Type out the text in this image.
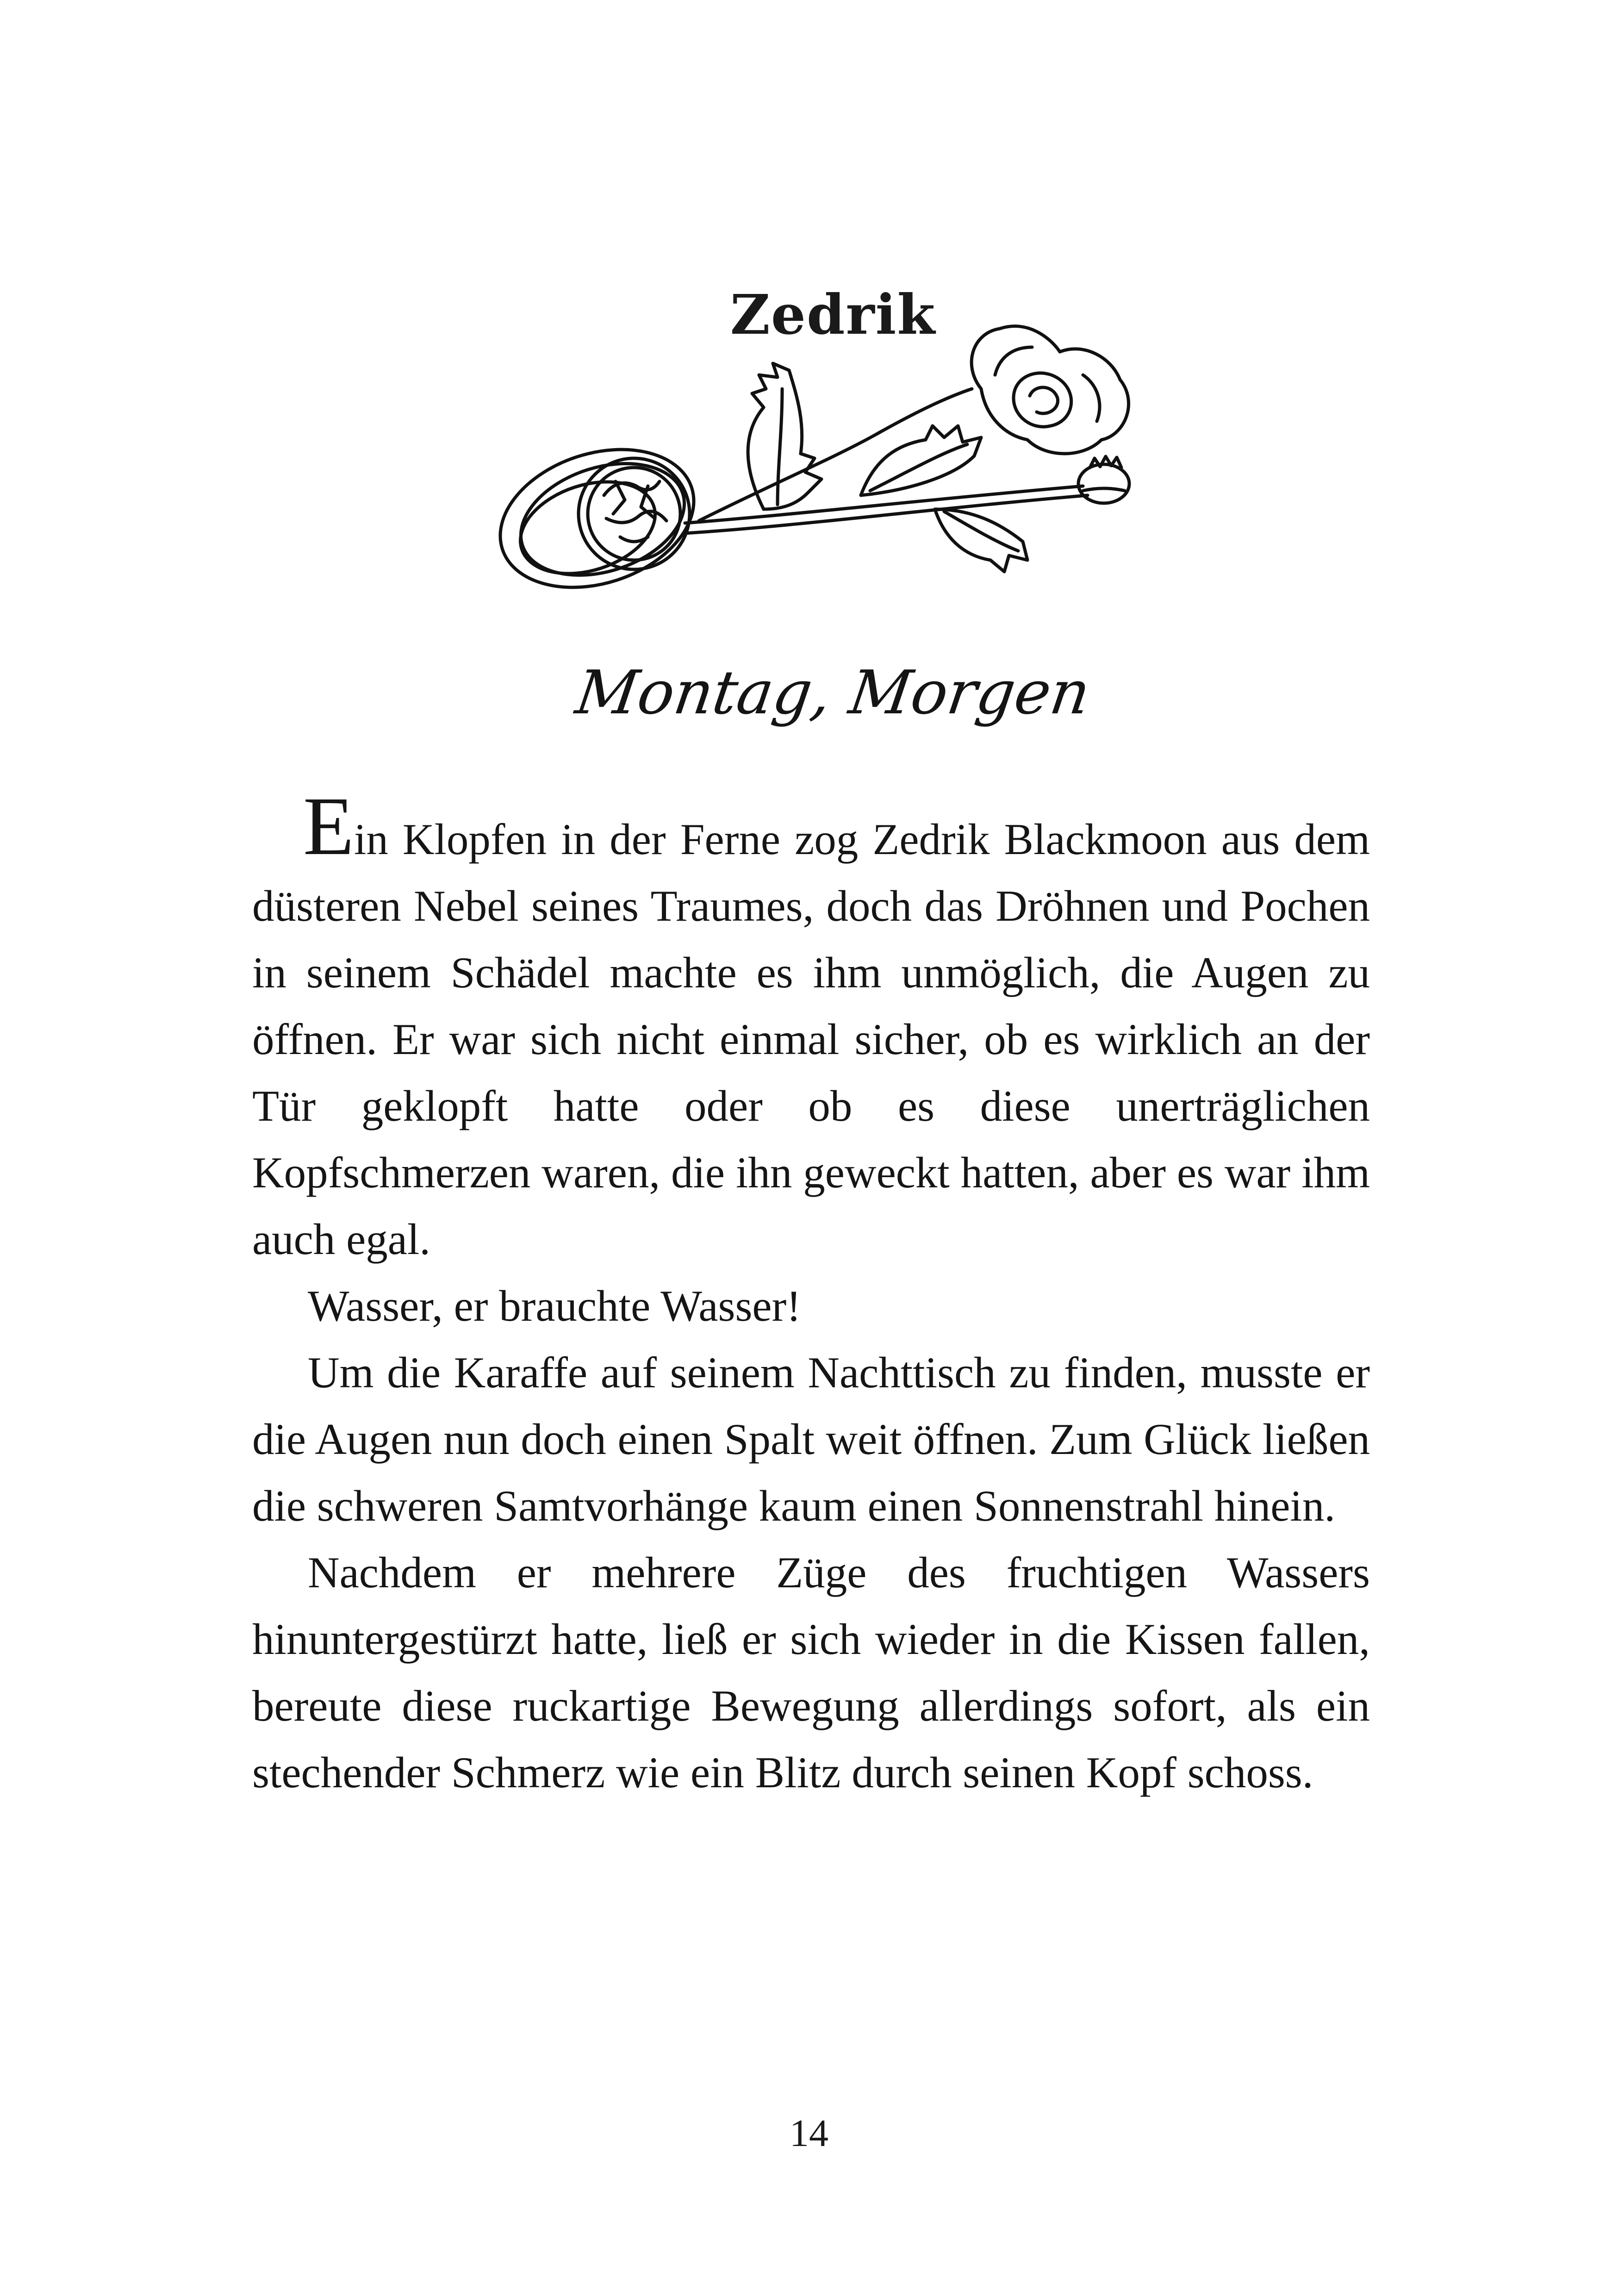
Zedrik
Montag, Morgen

Ein Klopfen in der Ferne zog Zedrik Blackmoon aus dem düsteren Nebel seines Traumes, doch das Dröhnen und Pochen in seinem Schädel machte es ihm unmöglich, die Augen zu öffnen. Er war sich nicht einmal sicher, ob es wirklich an der Tür geklopft hatte oder ob es diese unerträglichen Kopfschmerzen waren, die ihn geweckt hatten, aber es war ihm auch egal.

Wasser, er brauchte Wasser!

Um die Karaffe auf seinem Nachttisch zu finden, musste er die Augen nun doch einen Spalt weit öffnen. Zum Glück ließen die schweren Samtvorhänge kaum einen Sonnenstrahl hinein.

Nachdem er mehrere Züge des fruchtigen Wassers hinuntergestürzt hatte, ließ er sich wieder in die Kissen fallen, bereute diese ruckartige Bewegung allerdings sofort, als ein stechender Schmerz wie ein Blitz durch seinen Kopf schoss.

14
